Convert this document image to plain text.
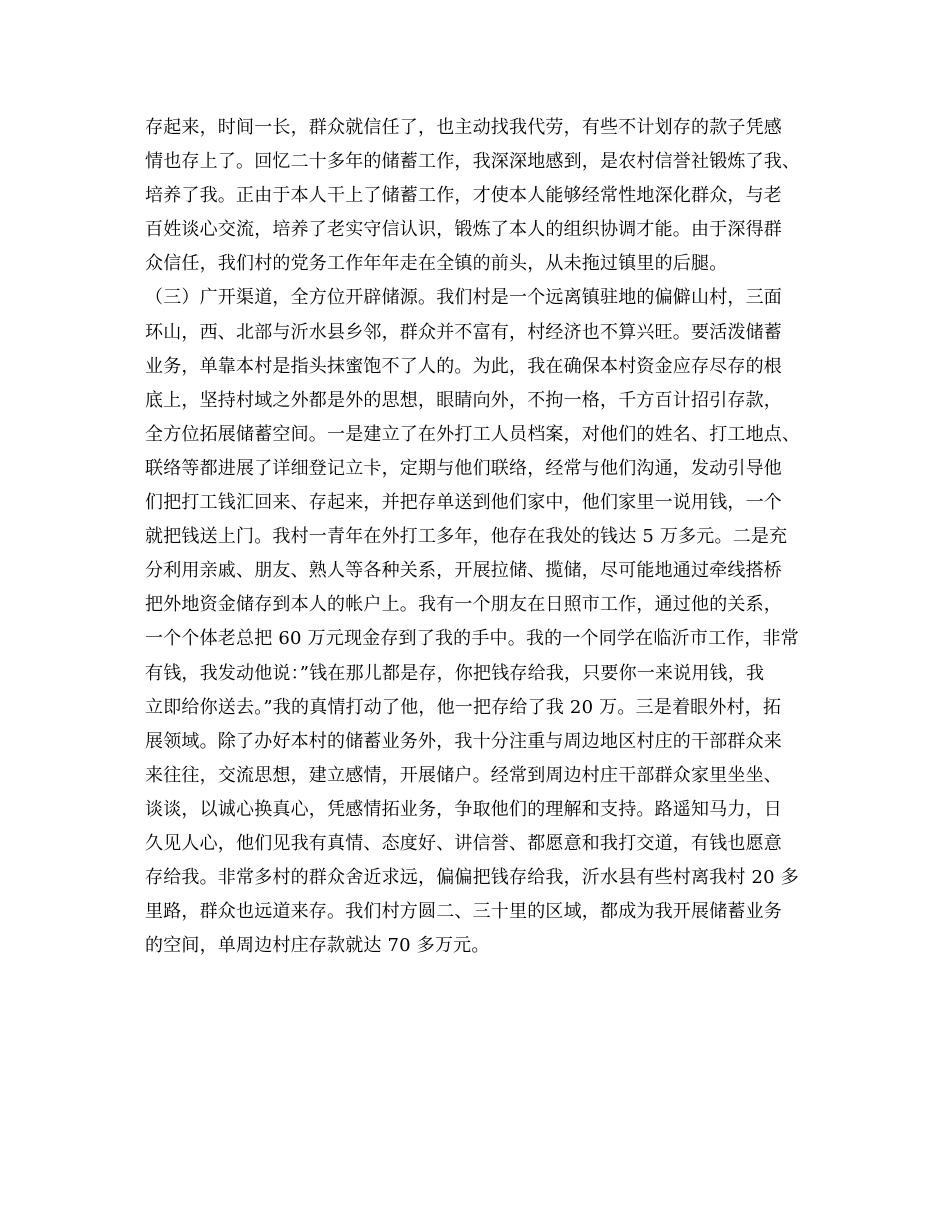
存起来，时间一长，群众就信任了，也主动找我代劳，有些不计划存的款子凭感
情也存上了。回忆二十多年的储蓄工作，我深深地感到，是农村信誉社锻炼了我、
培养了我。正由于本人干上了储蓄工作，才使本人能够经常性地深化群众，与老
百姓谈心交流，培养了老实守信认识，锻炼了本人的组织协调才能。由于深得群
众信任，我们村的党务工作年年走在全镇的前头，从未拖过镇里的后腿。
（三）广开渠道，全方位开辟储源。我们村是一个远离镇驻地的偏僻山村，三面
环山，西、北部与沂水县乡邻，群众并不富有，村经济也不算兴旺。要活泼储蓄
业务，单靠本村是指头抹蜜饱不了人的。为此，我在确保本村资金应存尽存的根
底上，坚持村域之外都是外的思想，眼睛向外，不拘一格，千方百计招引存款，
全方位拓展储蓄空间。一是建立了在外打工人员档案，对他们的姓名、打工地点、
联络等都进展了详细登记立卡，定期与他们联络，经常与他们沟通，发动引导他
们把打工钱汇回来、存起来，并把存单送到他们家中，他们家里一说用钱，一个
就把钱送上门。我村一青年在外打工多年，他存在我处的钱达 5 万多元。二是充
分利用亲戚、朋友、熟人等各种关系，开展拉储、揽储，尽可能地通过牵线搭桥
把外地资金储存到本人的帐户上。我有一个朋友在日照市工作，通过他的关系，
一个个体老总把 60 万元现金存到了我的手中。我的一个同学在临沂市工作，非常
有钱，我发动他说：”钱在那儿都是存，你把钱存给我，只要你一来说用钱，我
立即给你送去。”我的真情打动了他，他一把存给了我 20 万。三是着眼外村，拓
展领域。除了办好本村的储蓄业务外，我十分注重与周边地区村庄的干部群众来
来往往，交流思想，建立感情，开展储户。经常到周边村庄干部群众家里坐坐、
谈谈，以诚心换真心，凭感情拓业务，争取他们的理解和支持。路遥知马力，日
久见人心，他们见我有真情、态度好、讲信誉、都愿意和我打交道，有钱也愿意
存给我。非常多村的群众舍近求远，偏偏把钱存给我，沂水县有些村离我村 20 多
里路，群众也远道来存。我们村方圆二、三十里的区域，都成为我开展储蓄业务
的空间，单周边村庄存款就达 70 多万元。
